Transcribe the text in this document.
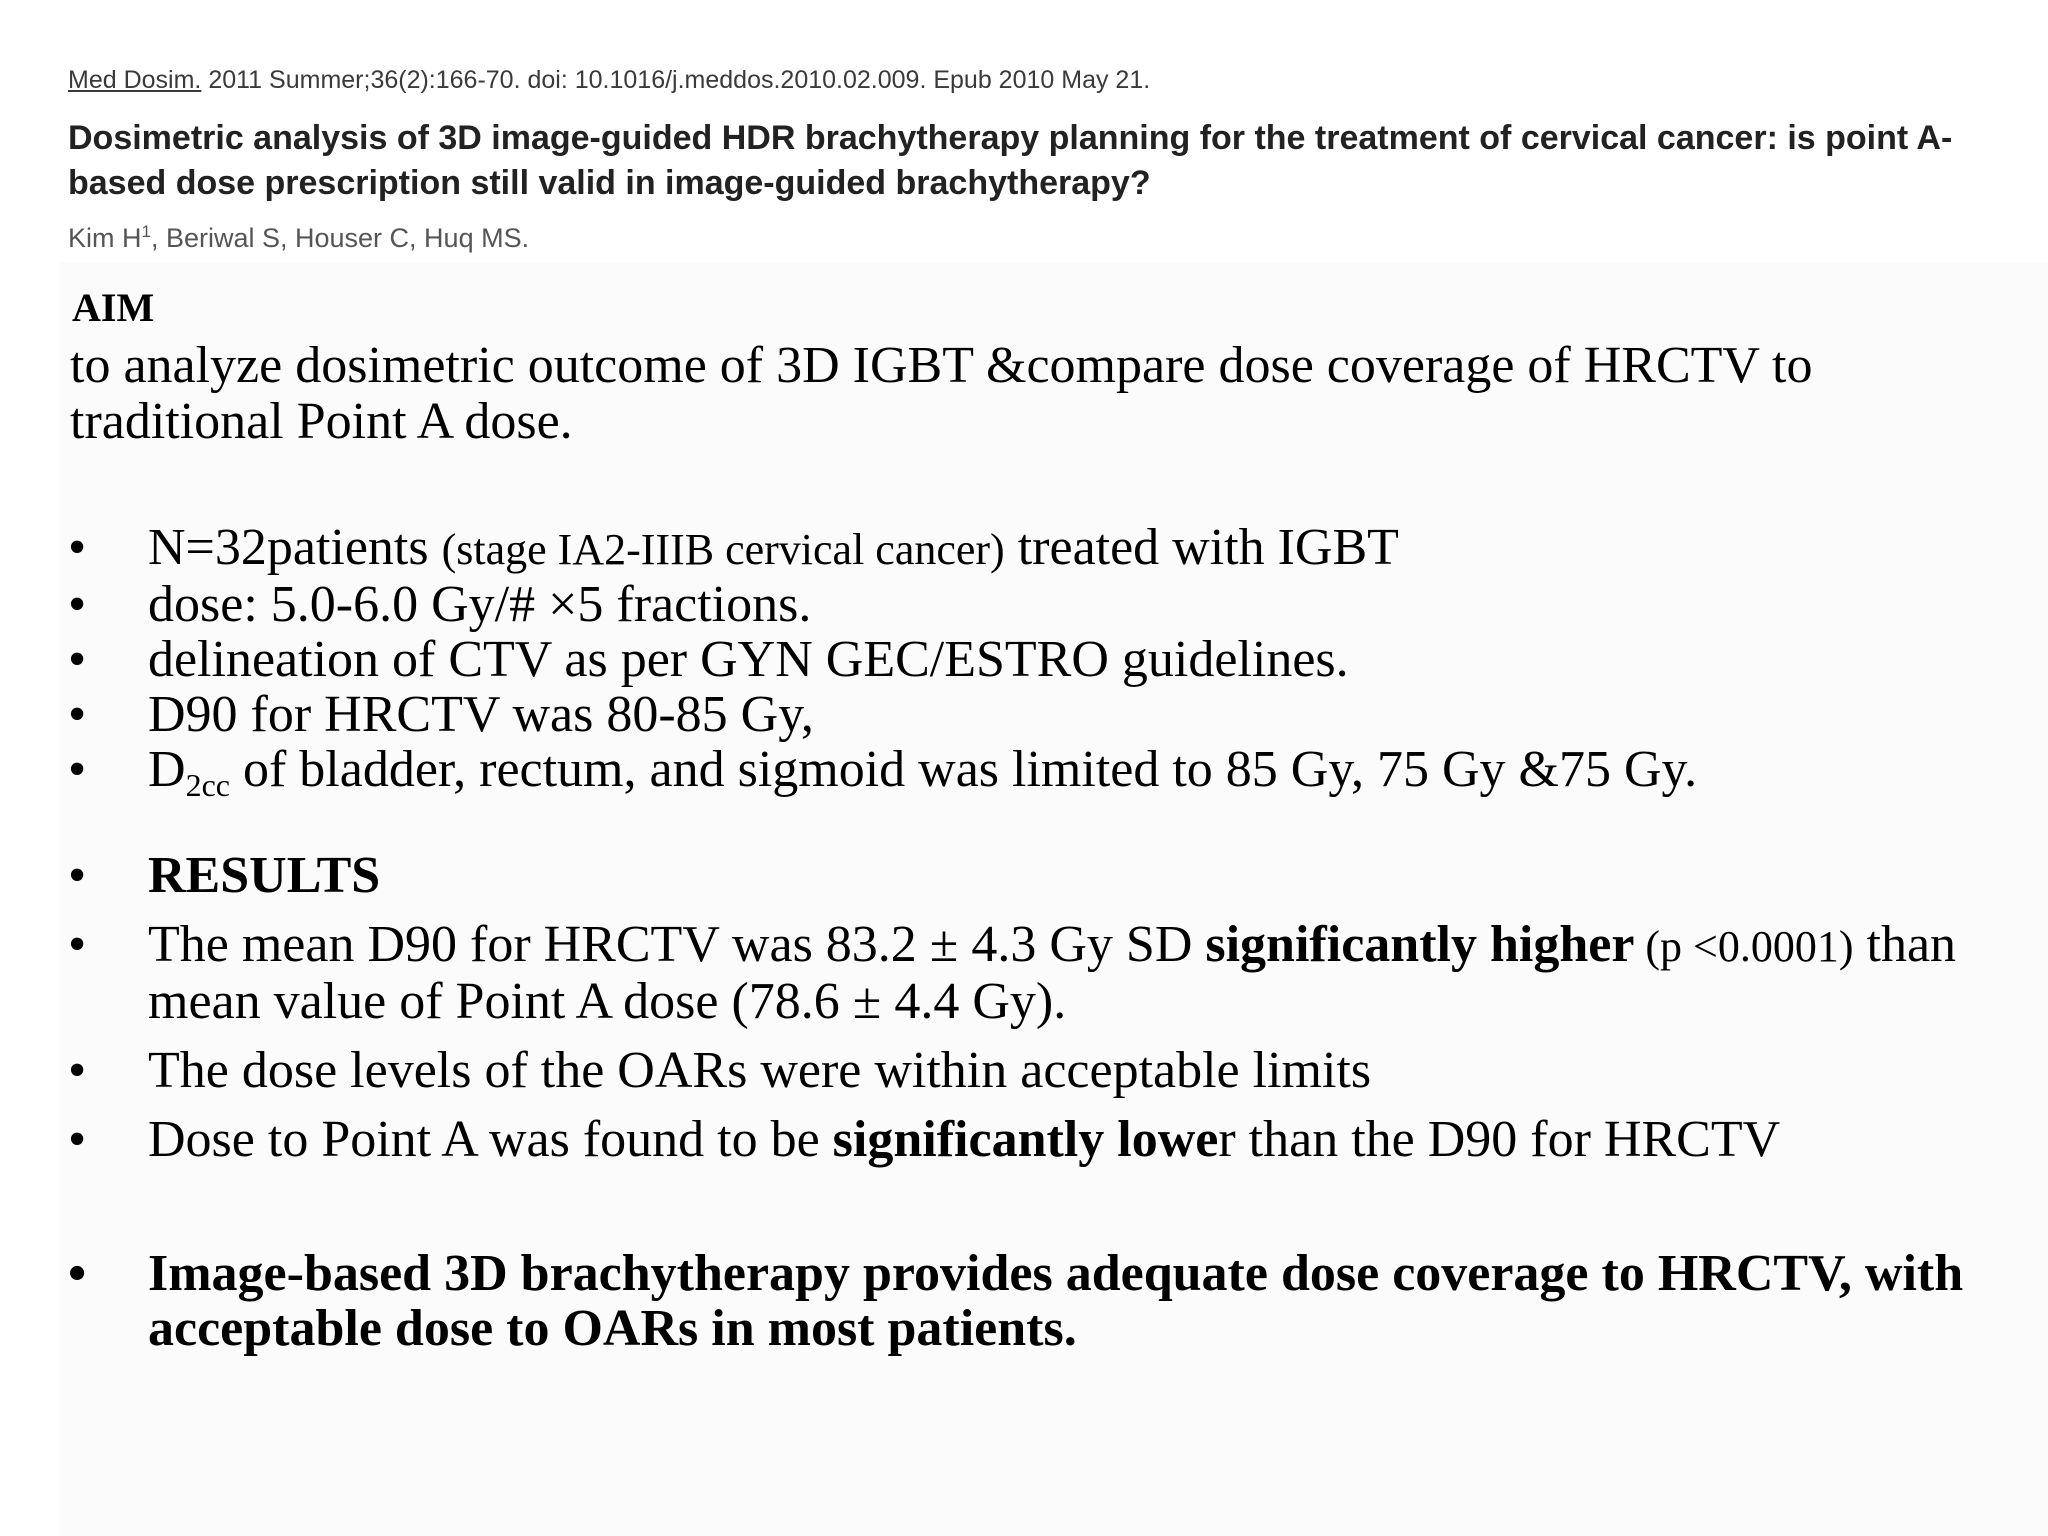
Med Dosim. 2011 Summer;36(2):166-70. doi: 10.1016/j.meddos.2010.02.009. Epub 2010 May 21.
Dosimetric analysis of 3D image-guided HDR brachytherapy planning for the treatment of cervical cancer: is point A-based dose prescription still valid in image-guided brachytherapy?
Kim $H^1$, Beriwal S, Houser C, Huq MS.
AIM

to analyze dosimetric outcome of 3D IGBT &compare dose coverage of HRCTV to traditional Point A dose.

• N=32patients (stage IA2-IIIB cervical cancer) treated with IGBT
• dose: 5.0-6.0 Gy/# ×5 fractions.
• delineation of CTV as per GYN GEC/ESTRO guidelines.
• D90 for HRCTV was 80-85 Gy,
• $D_{2cc}$ of bladder, rectum, and sigmoid was limited to 85 Gy, 75 Gy &75 Gy.
• RESULTS
• The mean D90 for HRCTV was 83.2 ± 4.3 Gy SD significantly higher (p <0.0001) than mean value of Point A dose (78.6 ± 4.4 Gy).
• The dose levels of the OARs were within acceptable limits
• Dose to Point A was found to be significantly lower than the D90 for HRCTV
• Image-based 3D brachytherapy provides adequate dose coverage to HRCTV, with acceptable dose to OARs in most patients.
